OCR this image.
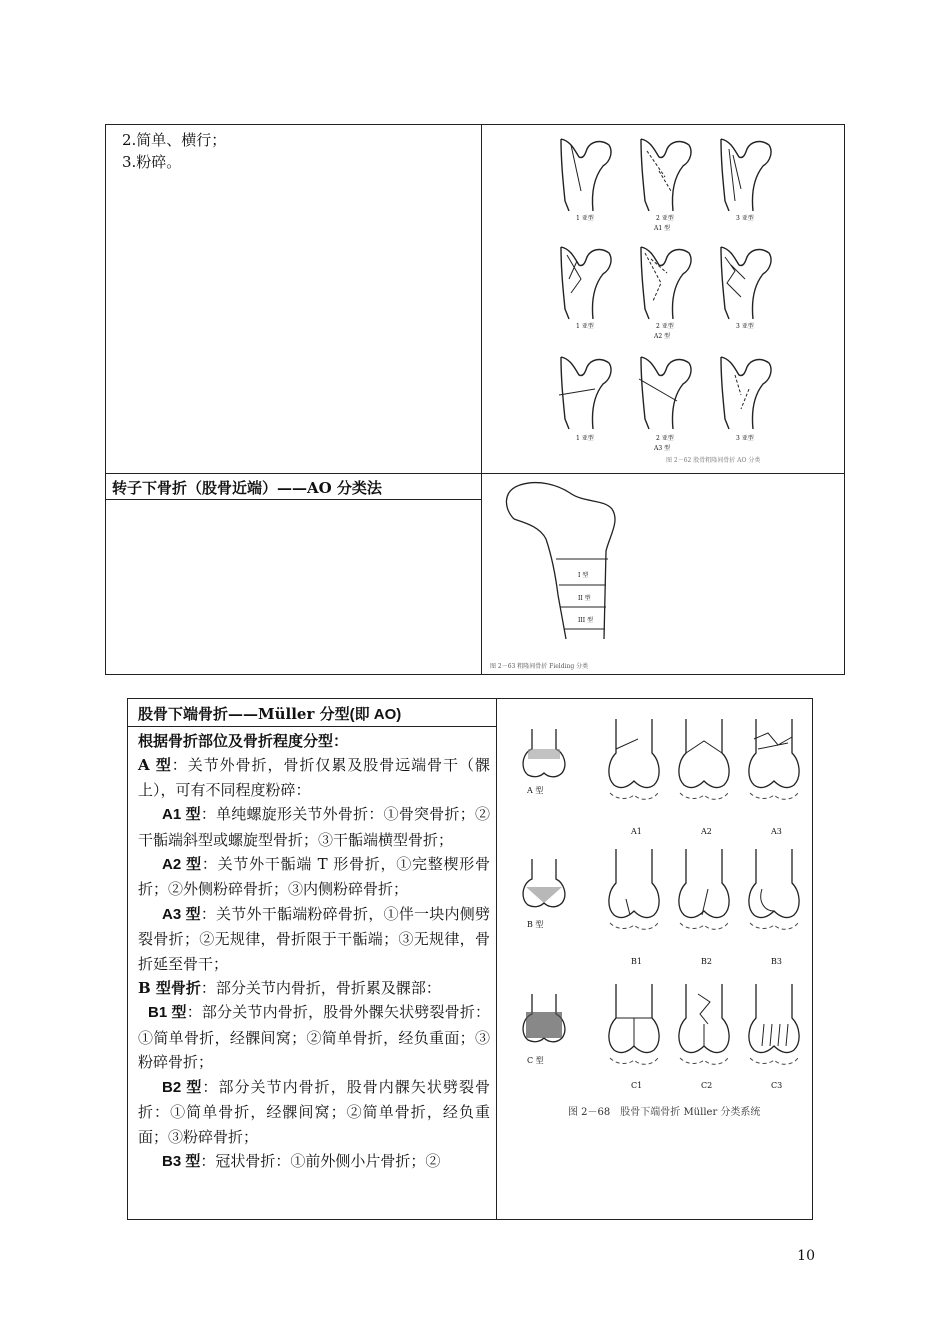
2.简单、横行；
3.粉碎。
转子下骨折（股骨近端）——AO 分类法
1 亚型	2 亚型	3 亚型
A1 型
1 亚型	2 亚型	3 亚型
A2 型
1 亚型	2 亚型	3 亚型
A3 型
图 2－62 股骨粗隆间骨折 AO 分类
I 型
II 型
III 型
图 2－63 粗隆间骨折 Fielding 分类
股骨下端骨折——Müller 分型(即 AO)
根据骨折部位及骨折程度分型：
A 型：关节外骨折，骨折仅累及股骨远端骨干（髁上），可有不同程度粉碎：
A1 型：单纯螺旋形关节外骨折：①骨突骨折；②干骺端斜型或螺旋型骨折；③干骺端横型骨折；
A2 型：关节外干骺端 T 形骨折，①完整楔形骨折；②外侧粉碎骨折；③内侧粉碎骨折；
A3 型：关节外干骺端粉碎骨折，①伴一块内侧劈裂骨折；②无规律，骨折限于干骺端；③无规律，骨折延至骨干；
B 型骨折：部分关节内骨折，骨折累及髁部：
B1 型：部分关节内骨折，股骨外髁矢状劈裂骨折：①简单骨折，经髁间窝；②简单骨折，经负重面；③粉碎骨折；
B2 型：部分关节内骨折，股骨内髁矢状劈裂骨折：①简单骨折，经髁间窝；②简单骨折，经负重面；③粉碎骨折；
B3 型：冠状骨折：①前外侧小片骨折；②
A 型
B 型
C 型
A1	A2	A3
B1	B2	B3
C1	C2	C3
图 2－68　股骨下端骨折 Müller 分类系统
10
